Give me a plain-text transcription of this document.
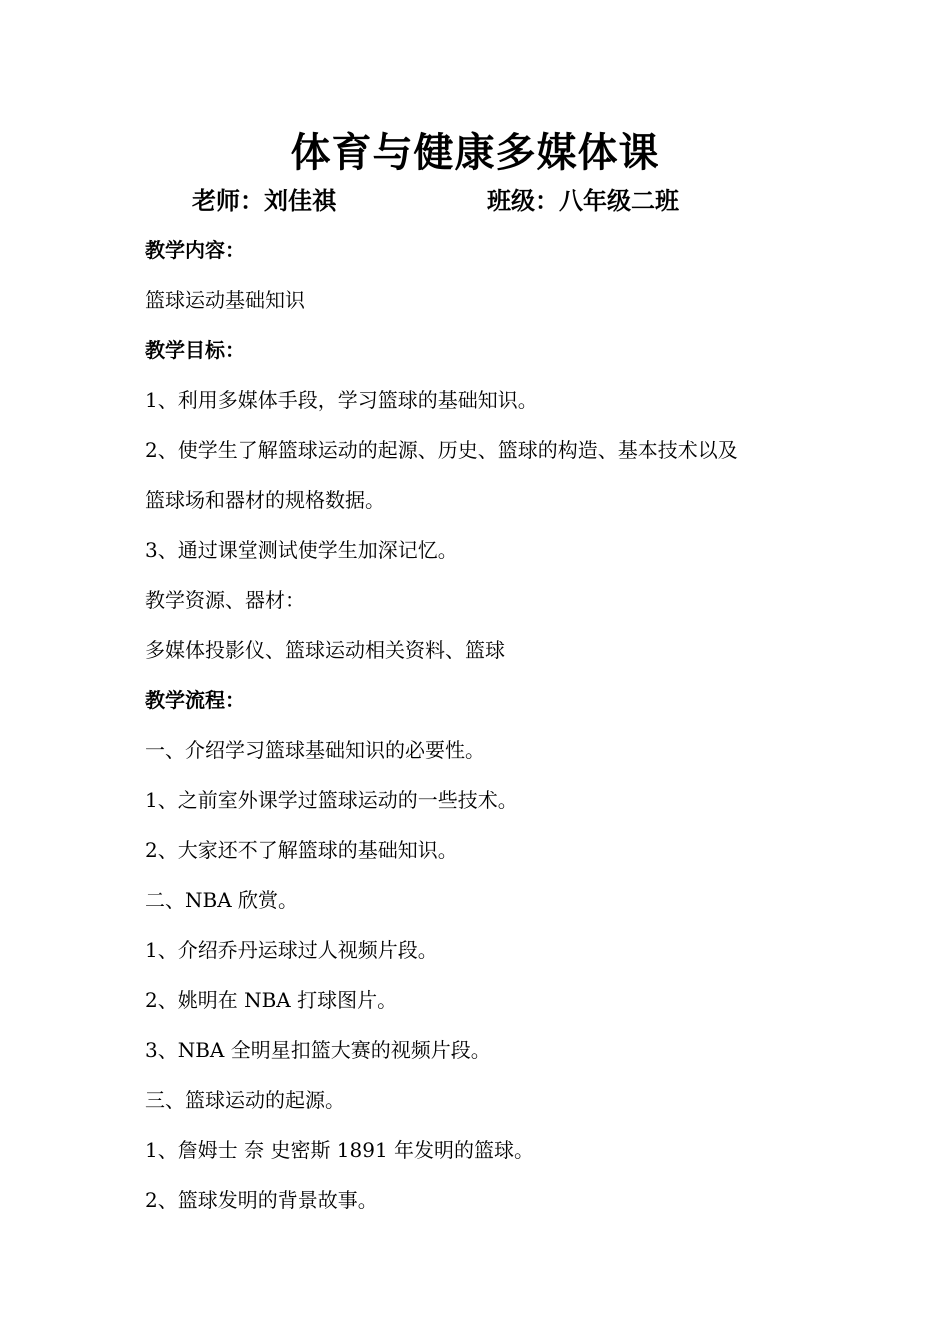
体育与健康多媒体课
老师：刘佳祺	班级：八年级二班
教学内容：
篮球运动基础知识
教学目标：
1、利用多媒体手段，学习篮球的基础知识。
2、使学生了解篮球运动的起源、历史、篮球的构造、基本技术以及
篮球场和器材的规格数据。
3、通过课堂测试使学生加深记忆。
教学资源、器材：
多媒体投影仪、篮球运动相关资料、篮球
教学流程：
一、介绍学习篮球基础知识的必要性。
1、之前室外课学过篮球运动的一些技术。
2、大家还不了解篮球的基础知识。
二、NBA 欣赏。
1、介绍乔丹运球过人视频片段。
2、姚明在 NBA 打球图片。
3、NBA 全明星扣篮大赛的视频片段。
三、篮球运动的起源。
1、詹姆士 奈 史密斯 1891 年发明的篮球。
2、篮球发明的背景故事。
